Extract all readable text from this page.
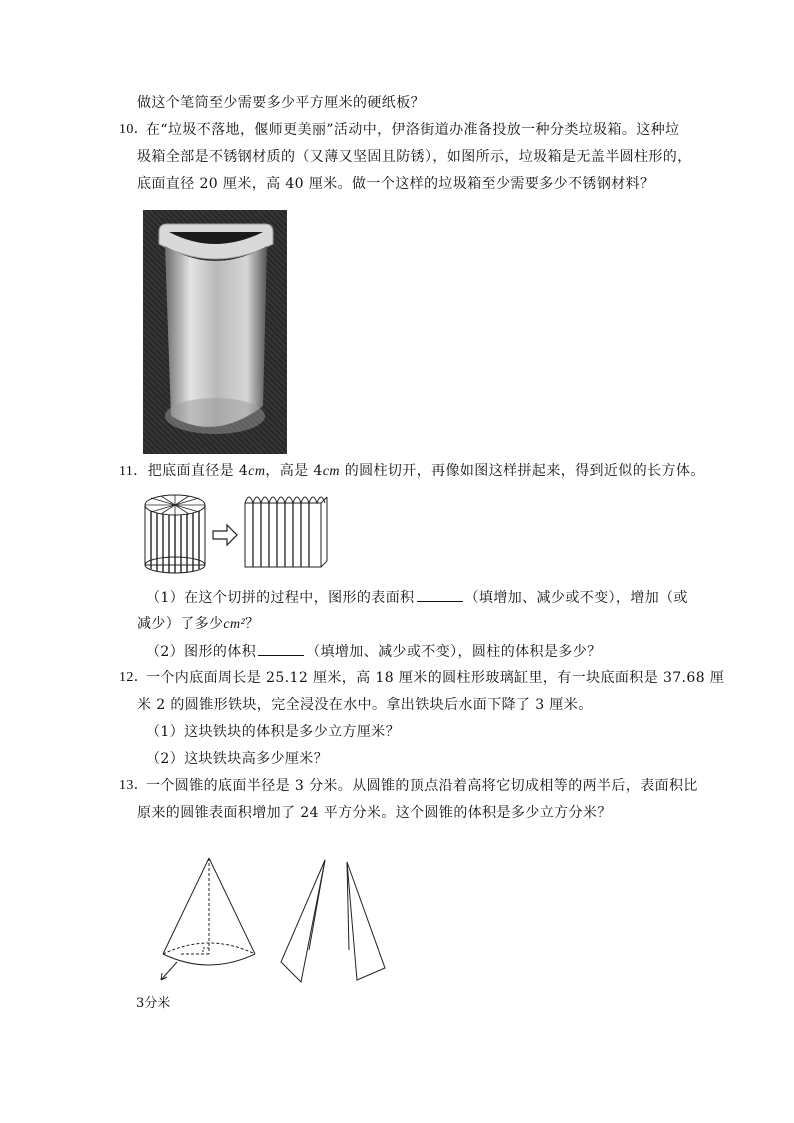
做这个笔筒至少需要多少平方厘米的硬纸板？
10．
在“垃圾不落地，偃师更美丽”活动中，伊洛街道办准备投放一种分类垃圾箱。这种垃
圾箱全部是不锈钢材质的（又薄又坚固且防锈），如图所示，垃圾箱是无盖半圆柱形的，
底面直径 20 厘米，高 40 厘米。做一个这样的垃圾箱至少需要多少不锈钢材料？
11．把底面直径是 4cm，高是 4cm 的圆柱切开，再像如图这样拼起来，得到近似的长方体。
（1）在这个切拼的过程中，图形的表面积	（填增加、减少或不变），增加（或
减少）了多少cm²？
（2）图形的体积	（填增加、减少或不变），圆柱的体积是多少？
12．
一个内底面周长是 25.12 厘米，高 18 厘米的圆柱形玻璃缸里，有一块底面积是 37.68 厘
米 2 的圆锥形铁块，完全浸没在水中。拿出铁块后水面下降了 3 厘米。
（1）这块铁块的体积是多少立方厘米？
（2）这块铁块高多少厘米？
13．
一个圆锥的底面半径是 3 分米。从圆锥的顶点沿着高将它切成相等的两半后，表面积比
原来的圆锥表面积增加了 24 平方分米。这个圆锥的体积是多少立方分米？
3分米
